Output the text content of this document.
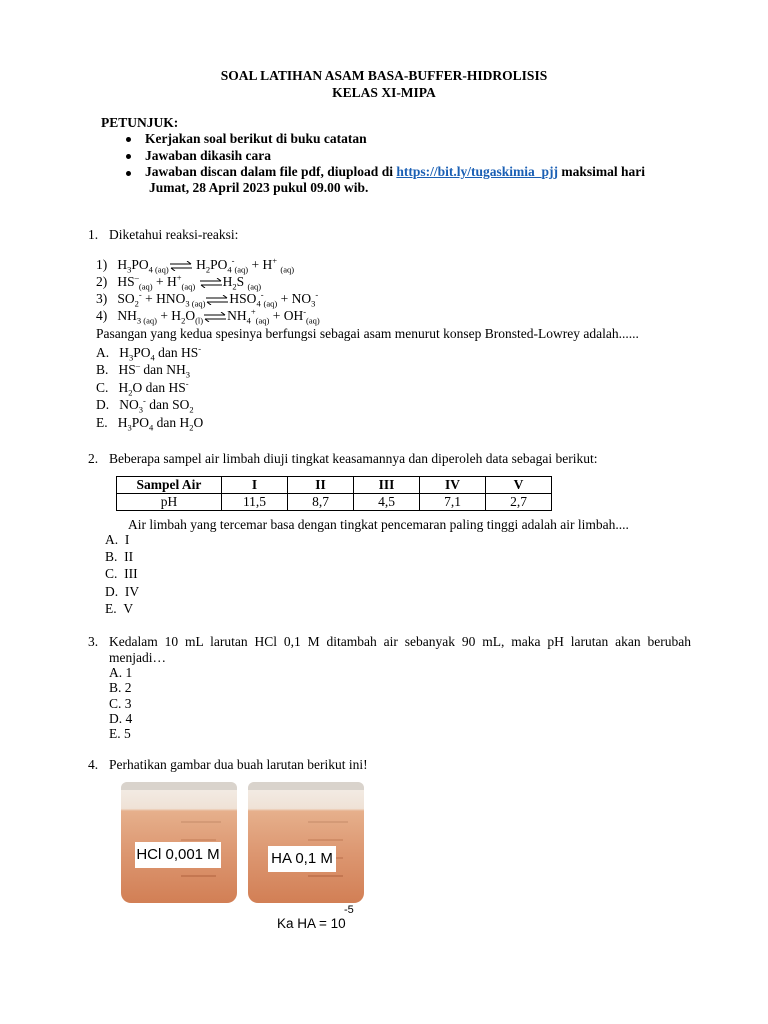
SOAL LATIHAN ASAM BASA-BUFFER-HIDROLISIS
KELAS XI-MIPA
PETUNJUK:
Kerjakan soal berikut di buku catatan
Jawaban dikasih cara
Jawaban discan dalam file pdf, diupload di https://bit.ly/tugaskimia_pjj maksimal hari
Jumat, 28 April 2023 pukul 09.00 wib.
1. Diketahui reaksi-reaksi:
1)   $H_3PO_{4 (aq)}\rightleftharpoons$ $H_2PO_4^-_{(aq)} + H^+$ $_{(aq)}$
2)   $HS^-_{(aq)} + H^+_{(aq)}$ $\rightleftharpoons H_2S$ $_{(aq)}$
3)   $SO_2^-$ + $HNO_{3 (aq)}\rightleftharpoons HSO_4^-_{(aq)} + NO_3^-$
4)   $NH_{3 (aq)}$ + $H_2O_{(l)}\rightleftharpoons NH_4^+_{(aq)} + OH^-_{(aq)}$
Pasangan yang kedua spesinya berfungsi sebagai asam menurut konsep Bronsted-Lowrey adalah......
A.   $H_3PO_4$ dan HS-
B.   HS– dan $NH_3$
C.   $H_2O$ dan HS-
D.   $NO_3^-$ dan $SO_2$
E.   $H_3PO_4$ dan $H_2O$
2. Beberapa sampel air limbah diuji tingkat keasamannya dan diperoleh data sebagai berikut:
Sampel Air	I	II	III	IV	V
pH	11,5	8,7	4,5	7,1	2,7
Air limbah yang tercemar basa dengan tingkat pencemaran paling tinggi adalah air limbah....
A. I
B. II
C. III
D. IV
E. V
3. Kedalam 10 mL larutan HCl 0,1 M ditambah air sebanyak 90 mL, maka pH larutan akan berubah
menjadi…
A. 1
B. 2
C. 3
D. 4
E. 5
4. Perhatikan gambar dua buah larutan berikut ini!
HCl 0,001 M	HA 0,1 M
Ka HA = 10
-5
